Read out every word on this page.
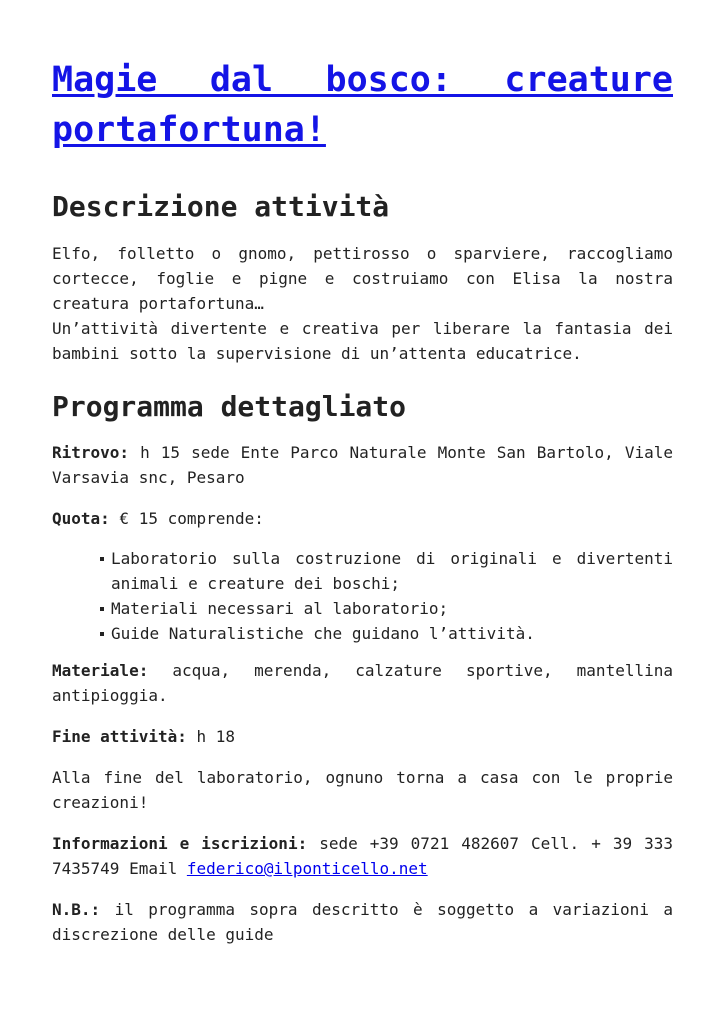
Magie dal bosco: creature portafortuna!
Descrizione attività

Elfo, folletto o gnomo, pettirosso o sparviere, raccogliamo cortecce, foglie e pigne e costruiamo con Elisa la nostra creatura portafortuna…
Un’attività divertente e creativa per liberare la fantasia dei bambini sotto la supervisione di un’attenta educatrice.

Programma dettagliato

Ritrovo: h 15 sede Ente Parco Naturale Monte San Bartolo, Viale Varsavia snc, Pesaro

Quota: € 15 comprende:

Laboratorio sulla costruzione di originali e divertenti animali e creature dei boschi;
Materiali necessari al laboratorio;
Guide Naturalistiche che guidano l’attività.

Materiale: acqua, merenda, calzature sportive, mantellina antipioggia.

Fine attività: h 18

Alla fine del laboratorio, ognuno torna a casa con le proprie creazioni!

Informazioni e iscrizioni: sede +39 0721 482607 Cell. + 39 333 7435749 Email federico@ilponticello.net

N.B.: il programma sopra descritto è soggetto a variazioni a discrezione delle guide
